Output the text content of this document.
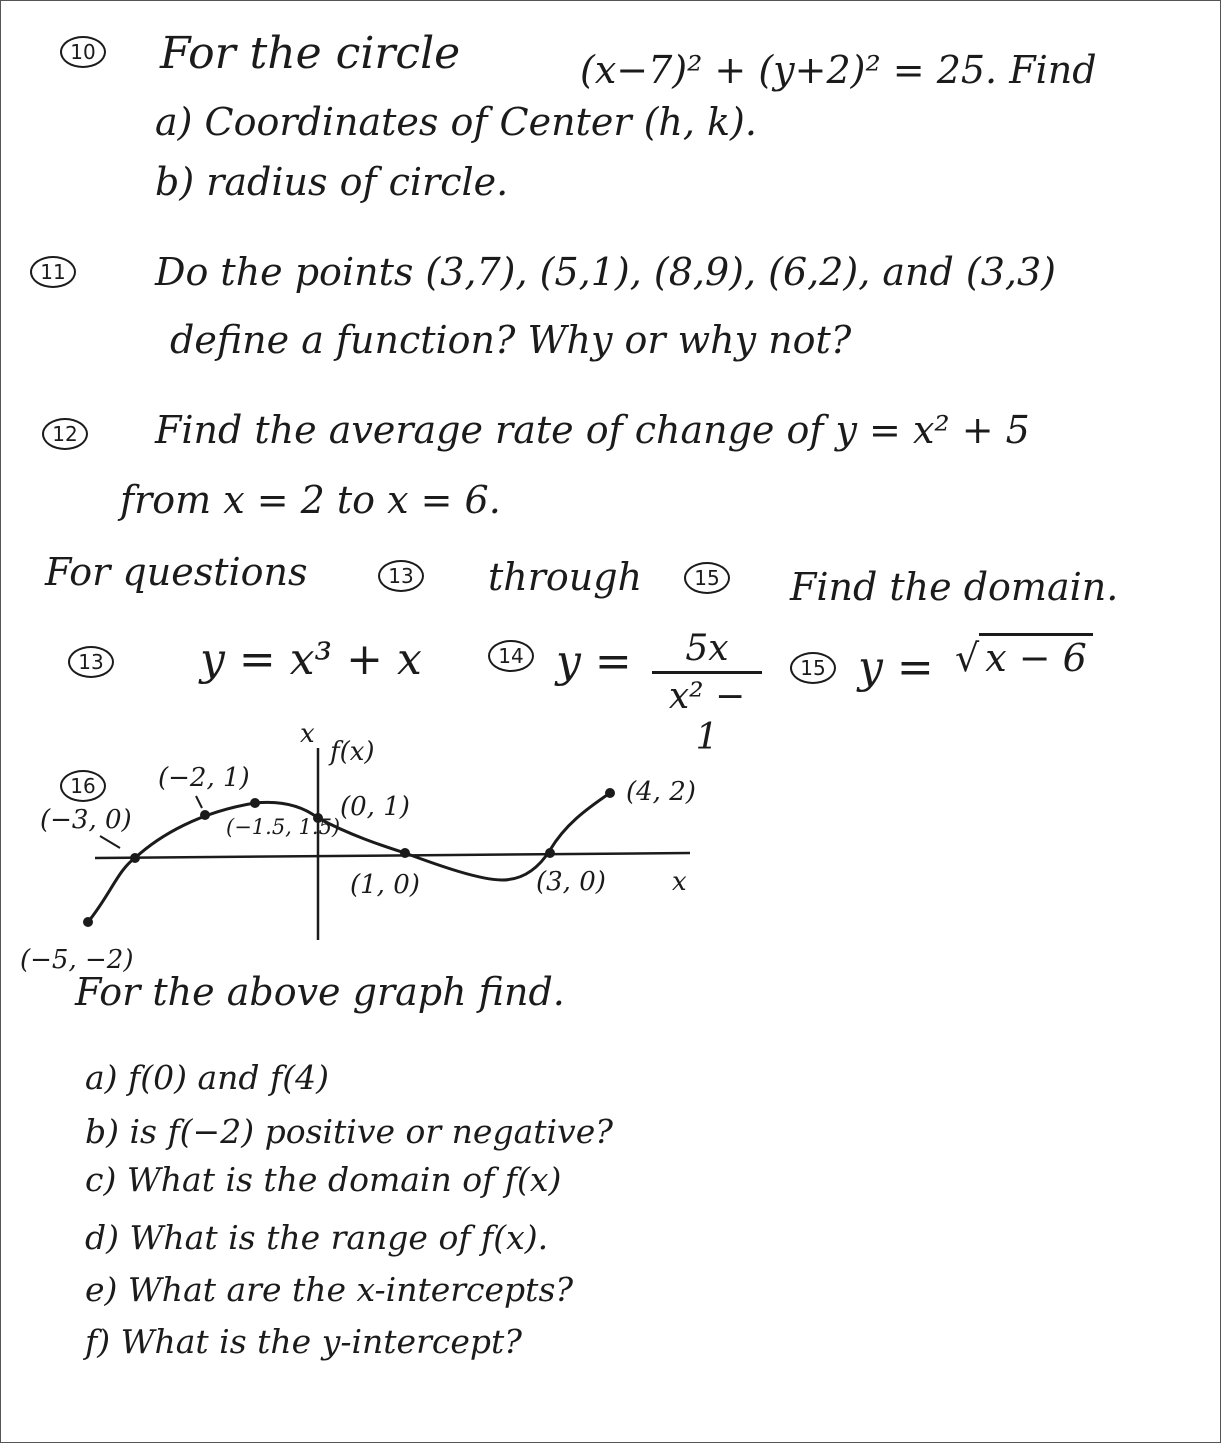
10 For the circle	(x−7)² + (y+2)² = 25. Find
a) Coordinates of Center (h, k).
b) radius of circle.
11 Do the points (3,7), (5,1), (8,9), (6,2), and (3,3)
define a function? Why or why not?
12 Find the average rate of change of y = x² + 5
from x = 2 to x = 6.
For questions	13 through	15 Find the domain.
13 y = x³ + x	14 y =	5x
x² − 1
15 y = √ x − 6
16
x
f(x)
x
(−5, −2)
(−3, 0)
(−2, 1)
(−1.5, 1.5)
(0, 1)
(1, 0)	(3, 0)
(4, 2)
For the above graph find.
a) f(0) and f(4)
b) is f(−2) positive or negative?
c) What is the domain of f(x)
d) What is the range of f(x).
e) What are the x-intercepts?
f) What is the y-intercept?
